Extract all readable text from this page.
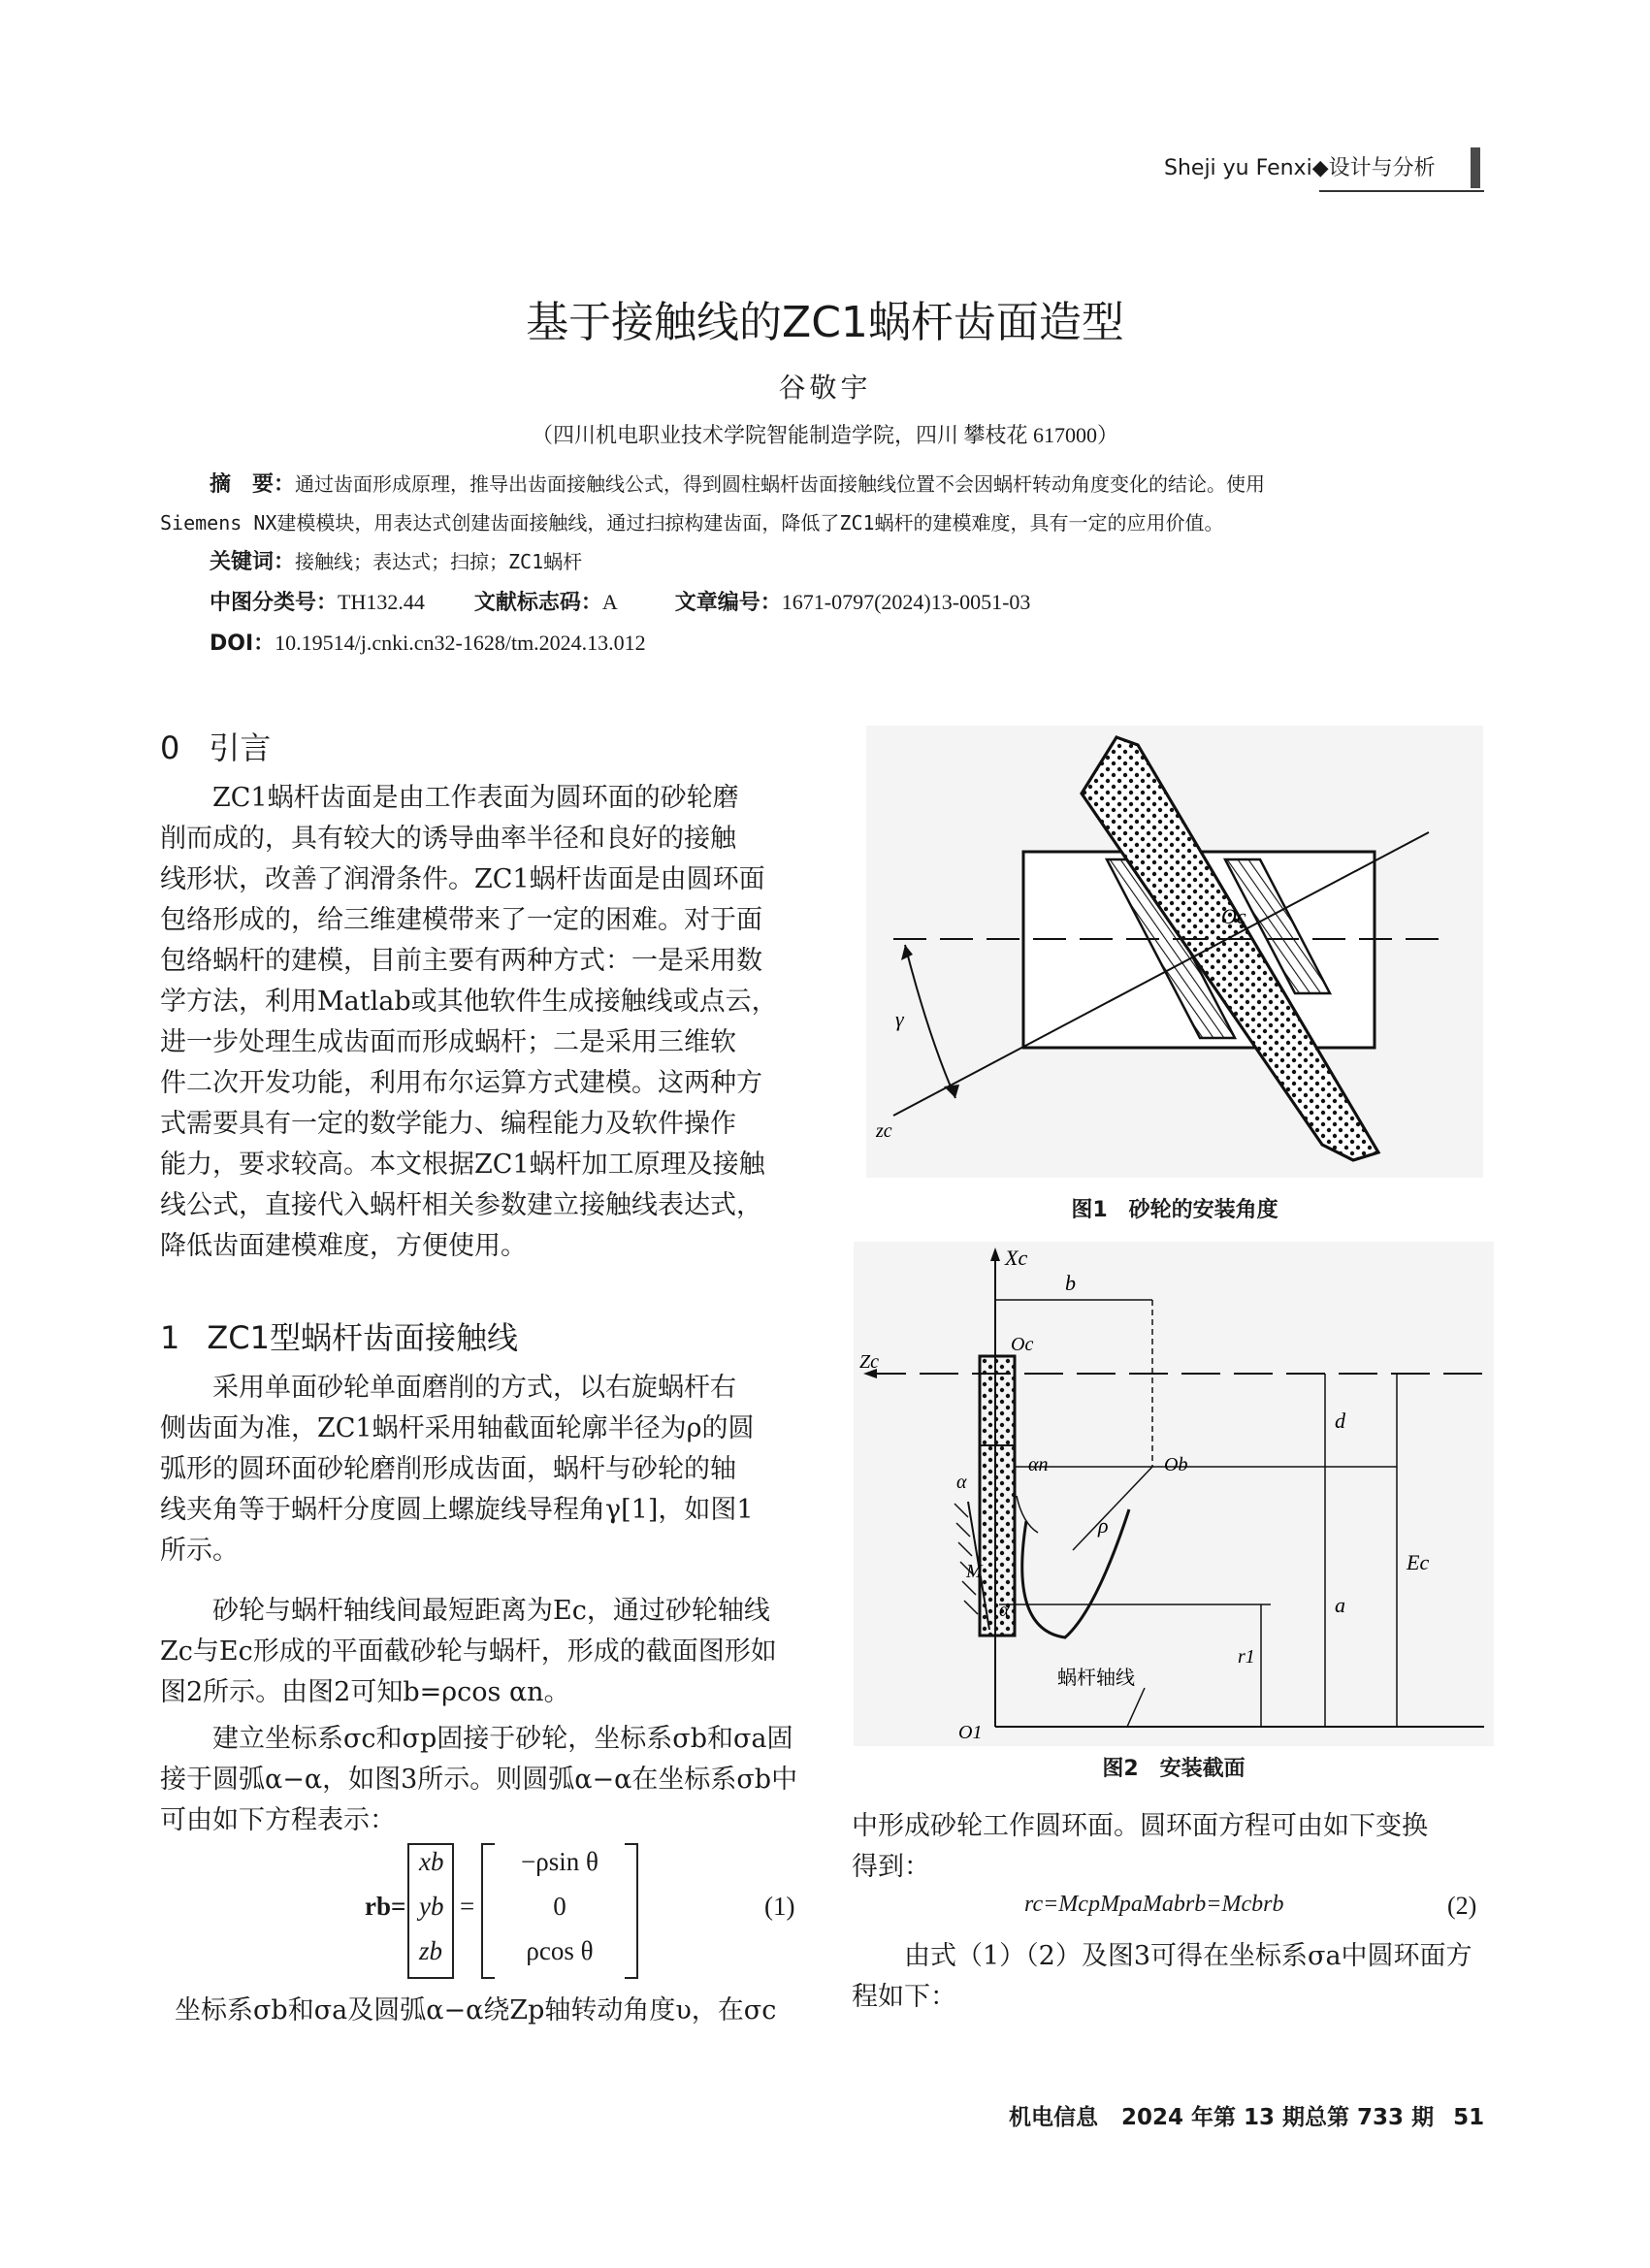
Sheji yu Fenxi◆设计与分析
基于接触线的ZC1蜗杆齿面造型
谷敬宇
（四川机电职业技术学院智能制造学院，四川 攀枝花 617000）
摘　要：通过齿面形成原理，推导出齿面接触线公式，得到圆柱蜗杆齿面接触线位置不会因蜗杆转动角度变化的结论。使用
Siemens NX建模模块，用表达式创建齿面接触线，通过扫掠构建齿面，降低了ZC1蜗杆的建模难度，具有一定的应用价值。
关键词：接触线；表达式；扫掠；ZC1蜗杆
中图分类号：TH132.44 文献标志码：A	文章编号：1671-0797(2024)13-0051-03
DOI：10.19514/j.cnki.cn32-1628/tm.2024.13.012
0 引言
ZC1蜗杆齿面是由工作表面为圆环面的砂轮磨
削而成的，具有较大的诱导曲率半径和良好的接触
线形状，改善了润滑条件。ZC1蜗杆齿面是由圆环面
包络形成的，给三维建模带来了一定的困难。对于面
包络蜗杆的建模，目前主要有两种方式：一是采用数
学方法，利用Matlab或其他软件生成接触线或点云，
进一步处理生成齿面而形成蜗杆；二是采用三维软
件二次开发功能，利用布尔运算方式建模。这两种方
式需要具有一定的数学能力、编程能力及软件操作
能力，要求较高。本文根据ZC1蜗杆加工原理及接触
线公式，直接代入蜗杆相关参数建立接触线表达式，
降低齿面建模难度，方便使用。
1 ZC1型蜗杆齿面接触线
采用单面砂轮单面磨削的方式，以右旋蜗杆右
侧齿面为准，ZC1蜗杆采用轴截面轮廓半径为ρ的圆
弧形的圆环面砂轮磨削形成齿面，蜗杆与砂轮的轴
线夹角等于蜗杆分度圆上螺旋线导程角γ[1]，如图1
所示。
砂轮与蜗杆轴线间最短距离为Ec，通过砂轮轴线
Zc与Ec形成的平面截砂轮与蜗杆，形成的截面图形如
图2所示。由图2可知b=ρcos αn。
建立坐标系σc和σp固接于砂轮，坐标系σb和σa固
接于圆弧α−α，如图3所示。则圆弧α−α在坐标系σb中
可由如下方程表示：
rb=
xb
yb
zb
=
−ρsin θ
0
ρcos θ
(1)
坐标系σb和σa及圆弧α−α绕Zp轴转动角度υ，在σc
Oc
γ
zc
图1　砂轮的安装角度
Xc
b
Oc
Zc
d
α
αn	Ob
ρ
Ec
M
α	a
r1
蜗杆轴线
O1
图2　安装截面
中形成砂轮工作圆环面。圆环面方程可由如下变换
得到：
rc=McpMpaMabrb=Mcbrb	(2)
由式（1）（2）及图3可得在坐标系σa中圆环面方
程如下：
机电信息 2024 年第 13 期总第 733 期 51
